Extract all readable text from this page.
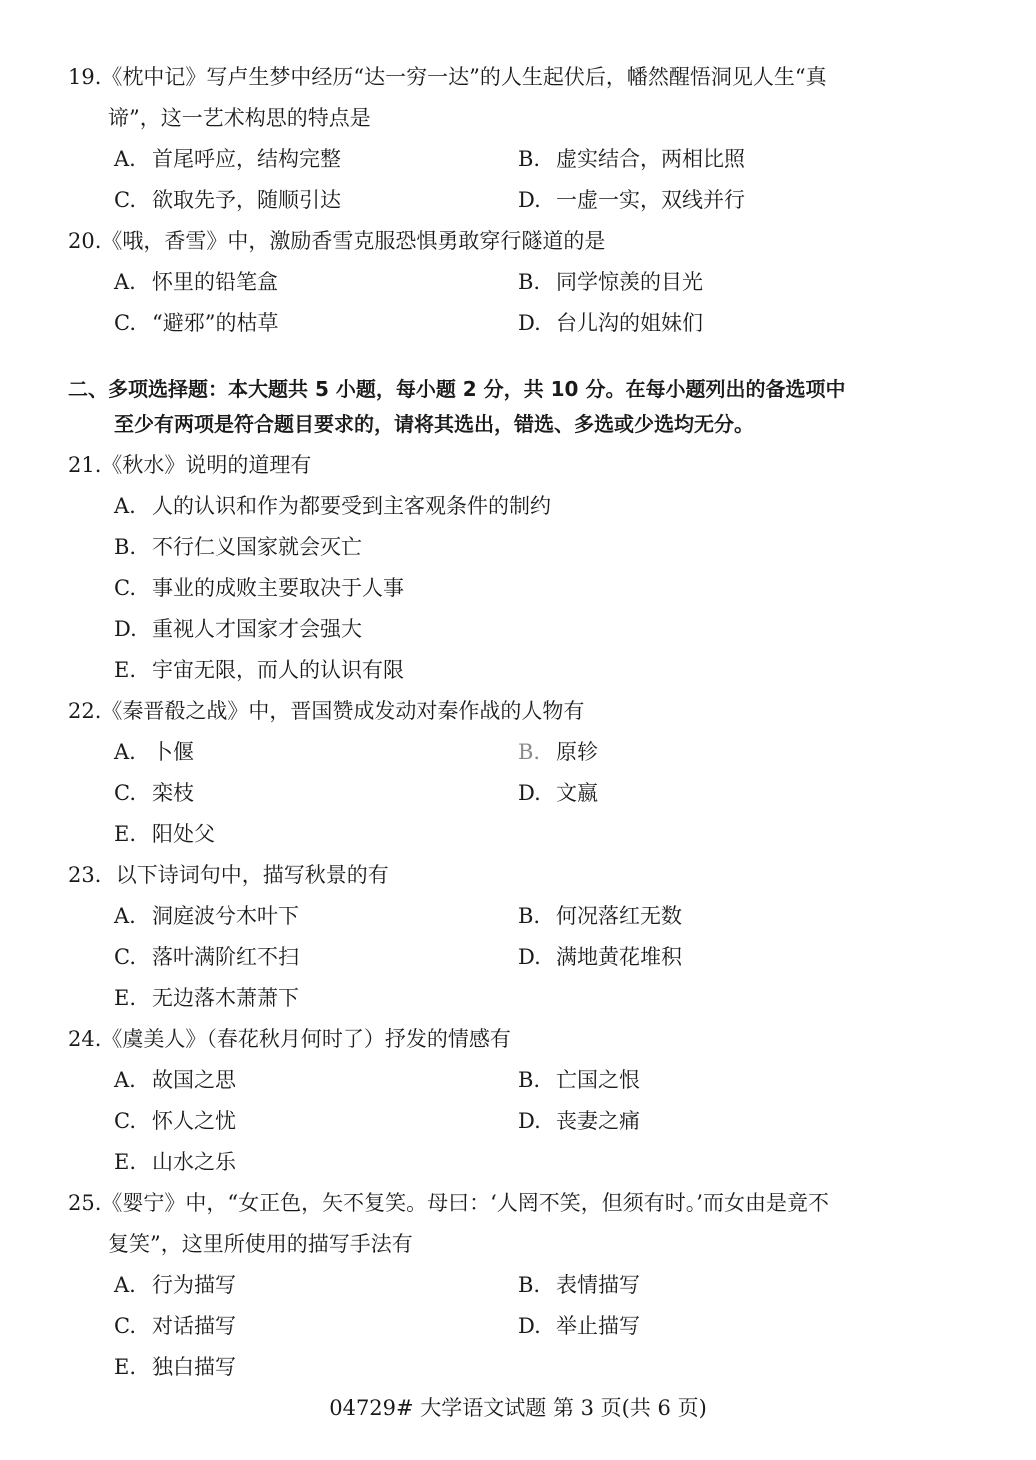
19.《枕中记》写卢生梦中经历“达一穷一达”的人生起伏后，幡然醒悟洞见人生“真
谛”，这一艺术构思的特点是
A. 首尾呼应，结构完整	B. 虚实结合，两相比照
C. 欲取先予，随顺引达	D. 一虚一实，双线并行
20.《哦，香雪》中，激励香雪克服恐惧勇敢穿行隧道的是
A. 怀里的铅笔盒	B. 同学惊羡的目光
C. “避邪”的枯草	D. 台儿沟的姐妹们
二、多项选择题：本大题共 5 小题，每小题 2 分，共 10 分。在每小题列出的备选项中
至少有两项是符合题目要求的，请将其选出，错选、多选或少选均无分。
21.《秋水》说明的道理有
A. 人的认识和作为都要受到主客观条件的制约
B. 不行仁义国家就会灭亡
C. 事业的成败主要取决于人事
D. 重视人才国家才会强大
E. 宇宙无限，而人的认识有限
22.《秦晋殽之战》中，晋国赞成发动对秦作战的人物有
A. 卜偃	B. 原轸
C. 栾枝	D. 文嬴
E. 阳处父
23．以下诗词句中，描写秋景的有
A. 洞庭波兮木叶下	B. 何况落红无数
C. 落叶满阶红不扫	D. 满地黄花堆积
E. 无边落木萧萧下
24.《虞美人》（春花秋月何时了）抒发的情感有
A. 故国之思	B. 亡国之恨
C. 怀人之忧	D. 丧妻之痛
E. 山水之乐
25.《婴宁》中，“女正色，矢不复笑。母曰：‘人罔不笑，但须有时。’而女由是竟不
复笑”，这里所使用的描写手法有
A. 行为描写	B. 表情描写
C. 对话描写	D. 举止描写
E. 独白描写
04729# 大学语文试题 第 3 页(共 6 页)
